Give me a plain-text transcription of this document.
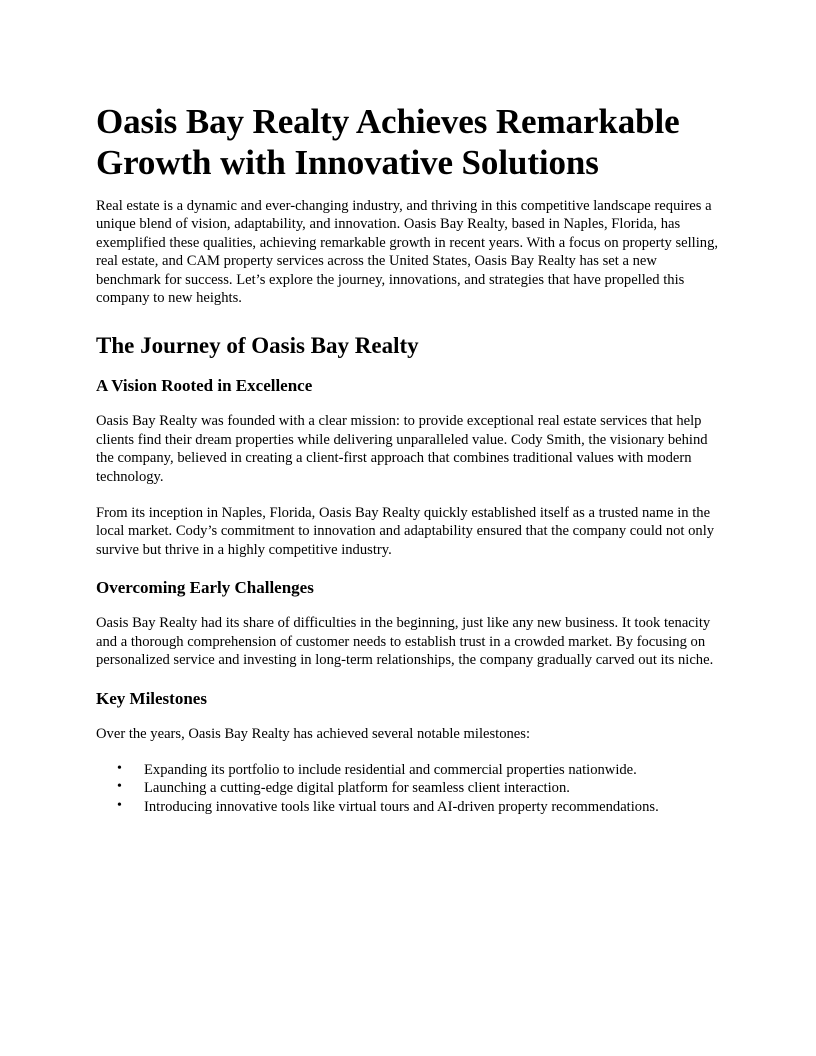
Oasis Bay Realty Achieves Remarkable Growth with Innovative Solutions

Real estate is a dynamic and ever-changing industry, and thriving in this competitive landscape requires a unique blend of vision, adaptability, and innovation. Oasis Bay Realty, based in Naples, Florida, has exemplified these qualities, achieving remarkable growth in recent years. With a focus on property selling, real estate, and CAM property services across the United States, Oasis Bay Realty has set a new benchmark for success. Let’s explore the journey, innovations, and strategies that have propelled this company to new heights.

The Journey of Oasis Bay Realty
A Vision Rooted in Excellence

Oasis Bay Realty was founded with a clear mission: to provide exceptional real estate services that help clients find their dream properties while delivering unparalleled value. Cody Smith, the visionary behind the company, believed in creating a client-first approach that combines traditional values with modern technology.

From its inception in Naples, Florida, Oasis Bay Realty quickly established itself as a trusted name in the local market. Cody’s commitment to innovation and adaptability ensured that the company could not only survive but thrive in a highly competitive industry.

Overcoming Early Challenges

Oasis Bay Realty had its share of difficulties in the beginning, just like any new business. It took tenacity and a thorough comprehension of customer needs to establish trust in a crowded market. By focusing on personalized service and investing in long-term relationships, the company gradually carved out its niche.

Key Milestones

Over the years, Oasis Bay Realty has achieved several notable milestones:

• Expanding its portfolio to include residential and commercial properties nationwide.
• Launching a cutting-edge digital platform for seamless client interaction.
• Introducing innovative tools like virtual tours and AI-driven property recommendations.
